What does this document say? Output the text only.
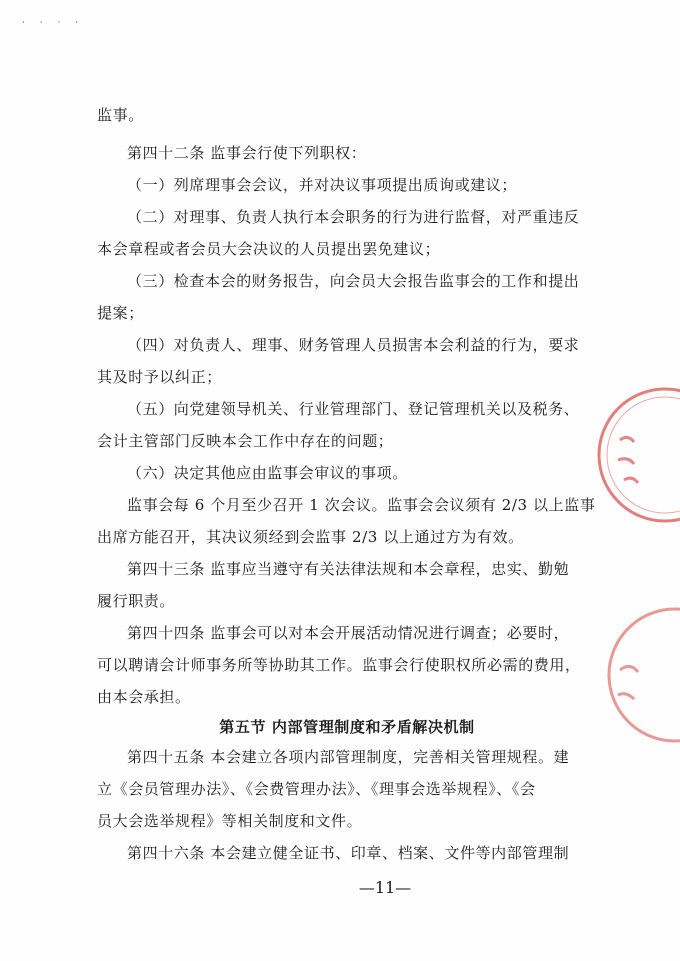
· · · ·
监事。
第四十二条 监事会行使下列职权：
（一）列席理事会会议，并对决议事项提出质询或建议；
（二）对理事、负责人执行本会职务的行为进行监督，对严重违反
本会章程或者会员大会决议的人员提出罢免建议；
（三）检查本会的财务报告，向会员大会报告监事会的工作和提出
提案；
（四）对负责人、理事、财务管理人员损害本会利益的行为，要求
其及时予以纠正；
（五）向党建领导机关、行业管理部门、登记管理机关以及税务、
会计主管部门反映本会工作中存在的问题；
（六）决定其他应由监事会审议的事项。
监事会每 6 个月至少召开 1 次会议。监事会会议须有 2/3 以上监事
出席方能召开，其决议须经到会监事 2/3 以上通过方为有效。
第四十三条 监事应当遵守有关法律法规和本会章程，忠实、勤勉
履行职责。
第四十四条 监事会可以对本会开展活动情况进行调查；必要时，
可以聘请会计师事务所等协助其工作。监事会行使职权所必需的费用，
由本会承担。
第五节 内部管理制度和矛盾解决机制
第四十五条 本会建立各项内部管理制度，完善相关管理规程。建
立《会员管理办法》、《会费管理办法》、《理事会选举规程》、《会
员大会选举规程》等相关制度和文件。
第四十六条 本会建立健全证书、印章、档案、文件等内部管理制
—11—
